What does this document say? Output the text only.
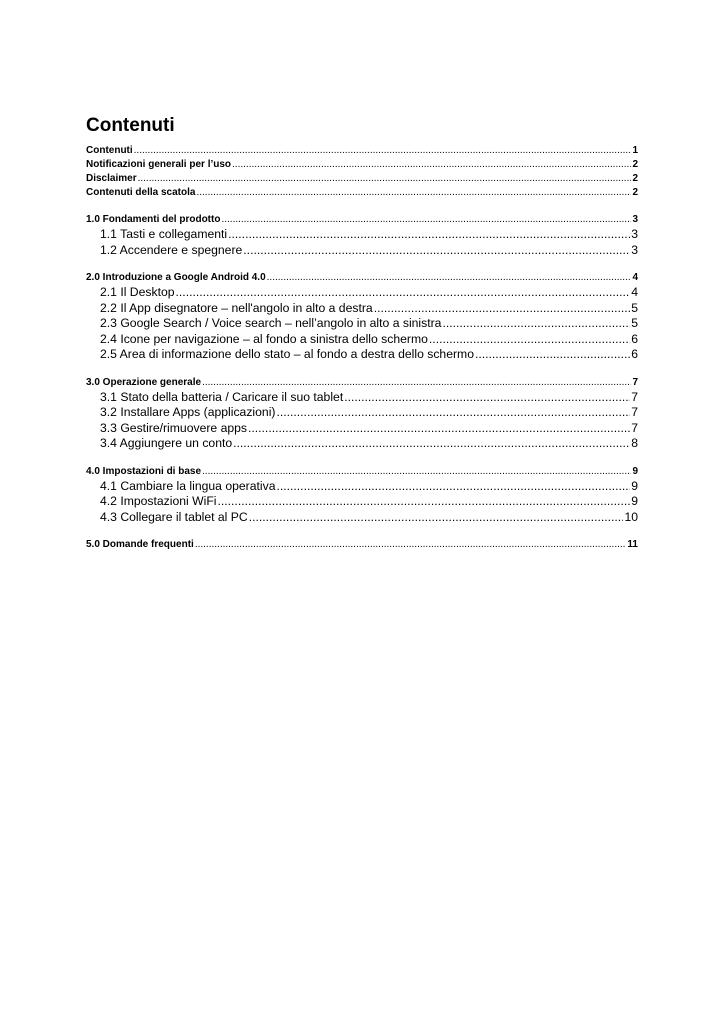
Contenuti
Contenuti .....	1
Notificazioni generali per l’uso .....	2
Disclaimer .....	2
Contenuti della scatola .....	2
1.0 Fondamenti del prodotto .....	3
1.1 Tasti e collegamenti .....	3
1.2 Accendere e spegnere .....	3
2.0 Introduzione a Google Android 4.0 .....	4
2.1 Il Desktop .....	4
2.2 Il App disegnatore – nell'angolo in alto a destra .....	5
2.3 Google Search / Voice search – nell’angolo in alto a sinistra .....	5
2.4 Icone per navigazione – al fondo a sinistra dello schermo .....	6
2.5 Area di informazione dello stato – al fondo a destra dello schermo .....	6
3.0 Operazione generale .....	7
3.1 Stato della batteria / Caricare il suo tablet .....	7
3.2 Installare Apps (applicazioni) .....	7
3.3 Gestire/rimuovere apps .....	7
3.4 Aggiungere un conto .....	8
4.0 Impostazioni di base .....	9
4.1 Cambiare la lingua operativa .....	9
4.2 Impostazioni WiFi .....	9
4.3 Collegare il tablet al PC .....	10
5.0 Domande frequenti .....	11
